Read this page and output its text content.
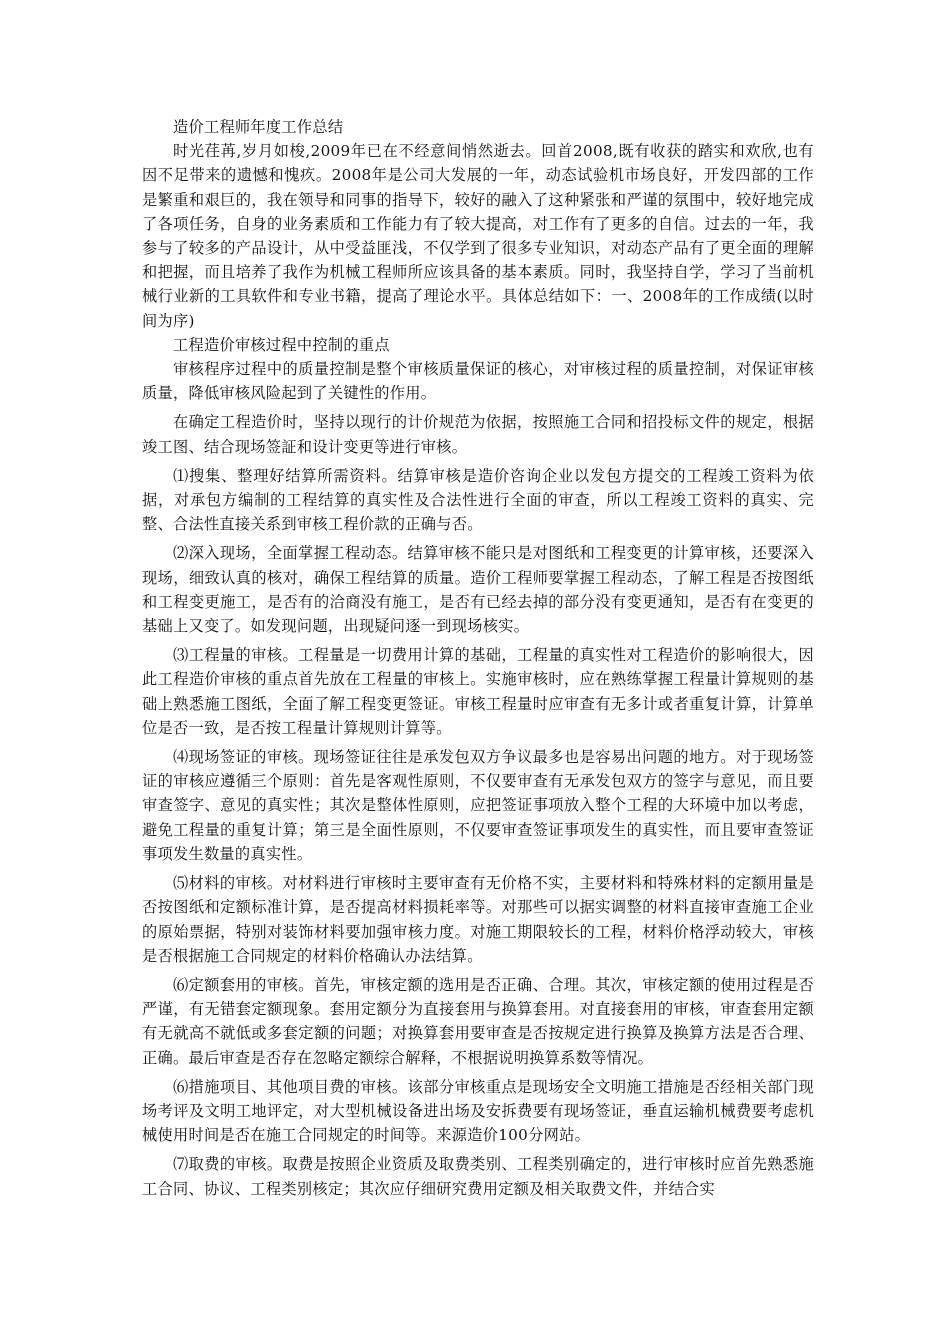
造价工程师年度工作总结

时光荏苒,岁月如梭,2009年已在不经意间悄然逝去。回首2008,既有收获的踏实和欢欣,也有　因不足带来的遗憾和愧疚。2008年是公司大发展的一年，动态试验机市场良好，开发四部的工作是繁重和艰巨的，我在领导和同事的指导下，较好的融入了这种紧张和严谨的氛围中，较好地完成了各项任务，自身的业务素质和工作能力有了较大提高，对工作有了更多的自信。过去的一年，我参与了较多的产品设计，从中受益匪浅，不仅学到了很多专业知识，对动态产品有了更全面的理解和把握，而且培养了我作为机械工程师所应该具备的基本素质。同时，我坚持自学，学习了当前机械行业新的工具软件和专业书籍，提高了理论水平。具体总结如下：一、2008年的工作成绩(以时间为序)

工程造价审核过程中控制的重点

审核程序过程中的质量控制是整个审核质量保证的核心，对审核过程的质量控制，对保证审核质量，降低审核风险起到了关键性的作用。

在确定工程造价时，坚持以现行的计价规范为依据，按照施工合同和招投标文件的规定，根据竣工图、结合现场签証和设计变更等进行审核。

⑴搜集、整理好结算所需资料。结算审核是造价咨询企业以发包方提交的工程竣工资料为依据，对承包方编制的工程结算的真实性及合法性进行全面的审查，所以工程竣工资料的真实、完整、合法性直接关系到审核工程价款的正确与否。

⑵深入现场，全面掌握工程动态。结算审核不能只是对图纸和工程变更的计算审核，还要深入现场，细致认真的核对，确保工程结算的质量。造价工程师要掌握工程动态，了解工程是否按图纸和工程变更施工，是否有的洽商没有施工，是否有已经去掉的部分没有变更通知，是否有在变更的基础上又变了。如发现问题，出现疑问逐一到现场核实。

⑶工程量的审核。工程量是一切费用计算的基础，工程量的真实性对工程造价的影响很大，因此工程造价审核的重点首先放在工程量的审核上。实施审核时，应在熟练掌握工程量计算规则的基础上熟悉施工图纸，全面了解工程变更签证。审核工程量时应审查有无多计或者重复计算，计算单位是否一致，是否按工程量计算规则计算等。

⑷现场签证的审核。现场签证往往是承发包双方争议最多也是容易出问题的地方。对于现场签证的审核应遵循三个原则：首先是客观性原则，不仅要审查有无承发包双方的签字与意见，而且要审查签字、意见的真实性；其次是整体性原则，应把签证事项放入整个工程的大环境中加以考虑，避免工程量的重复计算；第三是全面性原则，不仅要审查签证事项发生的真实性，而且要审查签证事项发生数量的真实性。

⑸材料的审核。对材料进行审核时主要审查有无价格不实，主要材料和特殊材料的定额用量是否按图纸和定额标准计算，是否提高材料损耗率等。对那些可以据实调整的材料直接审查施工企业的原始票据，特别对装饰材料要加强审核力度。对施工期限较长的工程，材料价格浮动较大，审核是否根据施工合同规定的材料价格确认办法结算。

⑹定额套用的审核。首先，审核定额的选用是否正确、合理。其次，审核定额的使用过程是否严谨，有无错套定额现象。套用定额分为直接套用与换算套用。对直接套用的审核，审查套用定额有无就高不就低或多套定额的问题；对换算套用要审查是否按规定进行换算及换算方法是否合理、正确。最后审查是否存在忽略定额综合解释，不根据说明换算系数等情况。

⑹措施项目、其他项目费的审核。该部分审核重点是现场安全文明施工措施是否经相关部门现场考评及文明工地评定，对大型机械设备进出场及安拆费要有现场签证，垂直运输机械费要考虑机械使用时间是否在施工合同规定的时间等。来源造价100分网站。

⑺取费的审核。取费是按照企业资质及取费类别、工程类别确定的，进行审核时应首先熟悉施工合同、协议、工程类别核定；其次应仔细研究费用定额及相关取费文件，并结合实
